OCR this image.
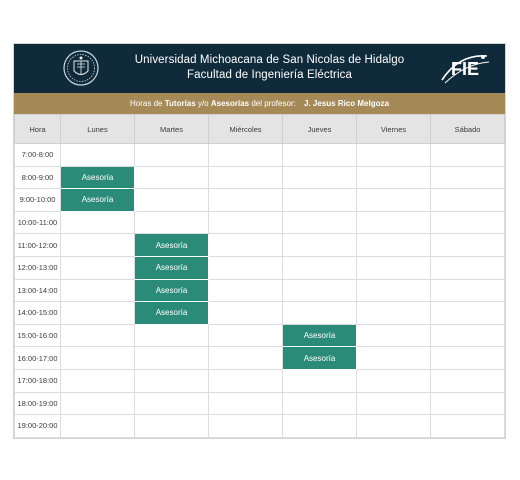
Universidad Michoacana de San Nicolas de Hidalgo
Facultad de Ingeniería Eléctrica	FIE
Horas de Tutorías y/o Asesorías del profesor: J. Jesus Rico Melgoza
Hora	Lunes	Martes	Miércoles	Jueves	Viernes	Sábado
7:00-8:00						
8:00-9:00	Asesoría					
9:00-10:00	Asesoría					
10:00-11:00						
11:00-12:00		Asesoría				
12:00-13:00		Asesoría				
13:00-14:00		Asesoría				
14:00-15:00		Asesoría				
15:00-16:00				Asesoría		
16:00-17:00				Asesoría		
17:00-18:00						
18:00-19:00						
19:00-20:00						
